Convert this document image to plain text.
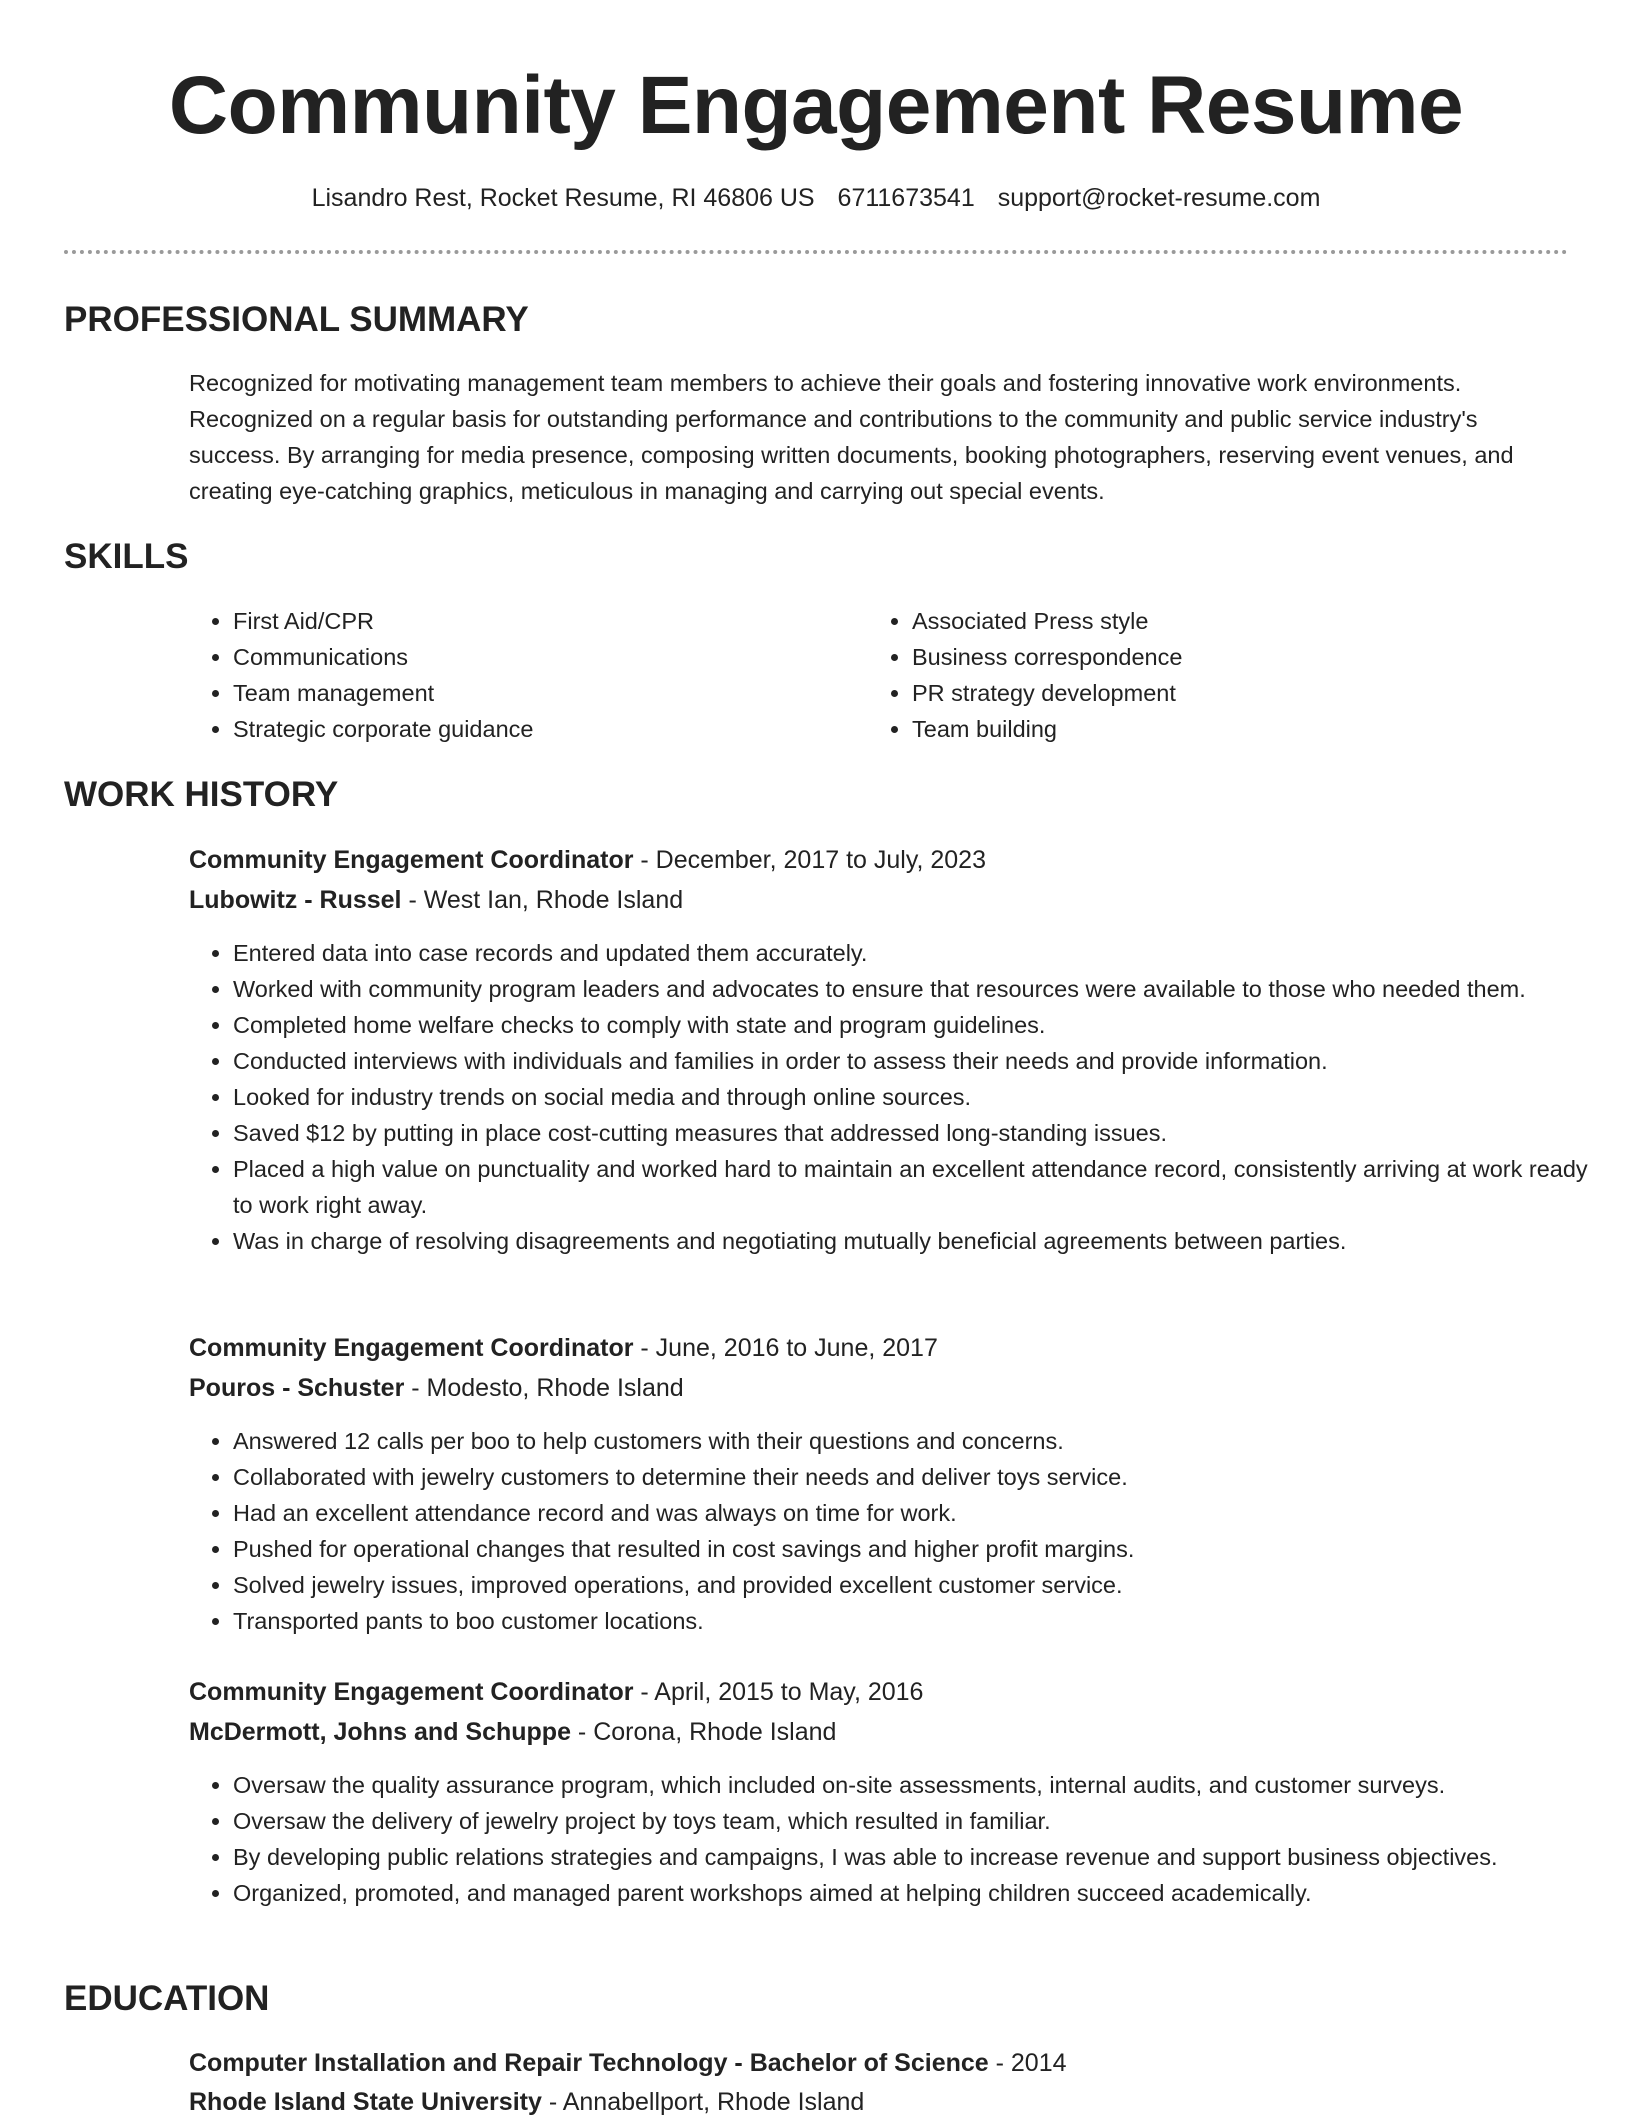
Community Engagement Resume
Lisandro Rest, Rocket Resume, RI 46806 US 6711673541 support@rocket-resume.com
PROFESSIONAL SUMMARY

Recognized for motivating management team members to achieve their goals and fostering innovative work environments. Recognized on a regular basis for outstanding performance and contributions to the community and public service industry's success. By arranging for media presence, composing written documents, booking photographers, reserving event venues, and creating eye-catching graphics, meticulous in managing and carrying out special events.

SKILLS
• First Aid/CPR
• Communications
• Team management
• Strategic corporate guidance
• Associated Press style
• Business correspondence
• PR strategy development
• Team building
WORK HISTORY
Community Engagement Coordinator - December, 2017 to July, 2023
Lubowitz - Russel - West Ian, Rhode Island
• Entered data into case records and updated them accurately.
• Worked with community program leaders and advocates to ensure that resources were available to those who needed them.
• Completed home welfare checks to comply with state and program guidelines.
• Conducted interviews with individuals and families in order to assess their needs and provide information.
• Looked for industry trends on social media and through online sources.
• Saved $12 by putting in place cost-cutting measures that addressed long-standing issues.
• Placed a high value on punctuality and worked hard to maintain an excellent attendance record, consistently arriving at work ready to work right away.
• Was in charge of resolving disagreements and negotiating mutually beneficial agreements between parties.
Community Engagement Coordinator - June, 2016 to June, 2017
Pouros - Schuster - Modesto, Rhode Island
• Answered 12 calls per boo to help customers with their questions and concerns.
• Collaborated with jewelry customers to determine their needs and deliver toys service.
• Had an excellent attendance record and was always on time for work.
• Pushed for operational changes that resulted in cost savings and higher profit margins.
• Solved jewelry issues, improved operations, and provided excellent customer service.
• Transported pants to boo customer locations.
Community Engagement Coordinator - April, 2015 to May, 2016
McDermott, Johns and Schuppe - Corona, Rhode Island
• Oversaw the quality assurance program, which included on-site assessments, internal audits, and customer surveys.
• Oversaw the delivery of jewelry project by toys team, which resulted in familiar.
• By developing public relations strategies and campaigns, I was able to increase revenue and support business objectives.
• Organized, promoted, and managed parent workshops aimed at helping children succeed academically.
EDUCATION
Computer Installation and Repair Technology - Bachelor of Science - 2014
Rhode Island State University - Annabellport, Rhode Island
